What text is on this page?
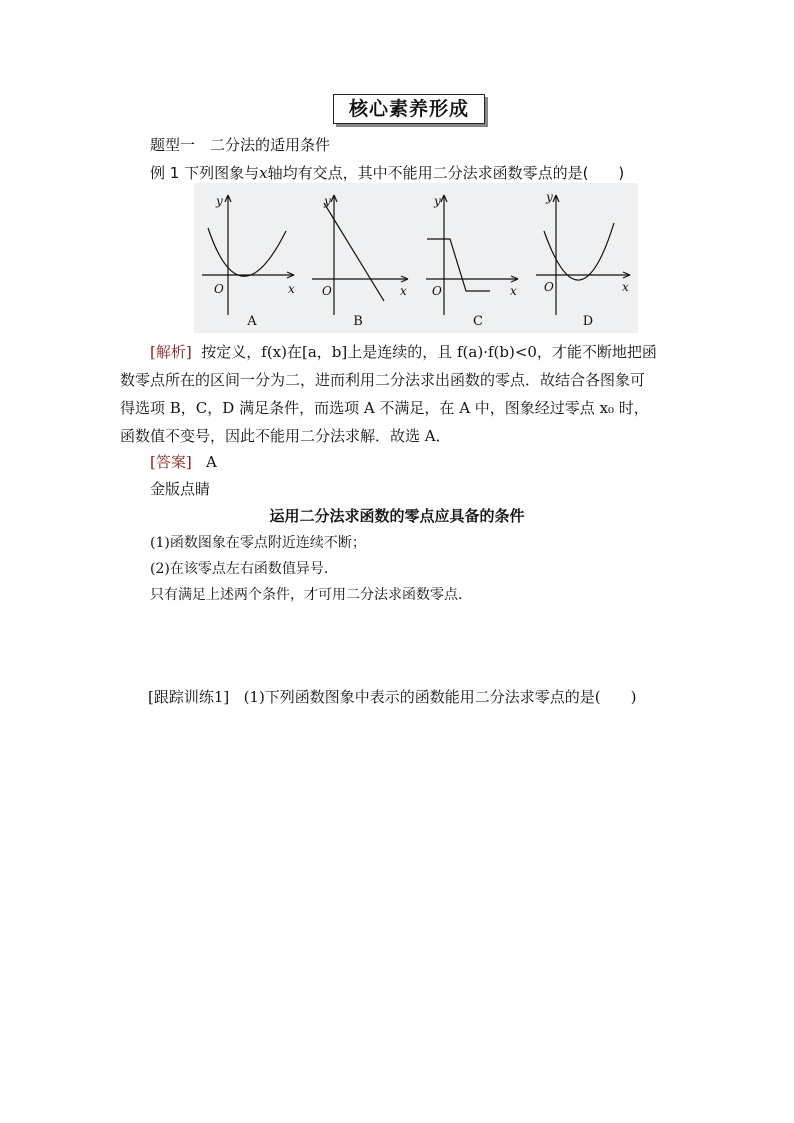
核心素养形成
题型一　二分法的适用条件
例 1 下列图象与x轴均有交点，其中不能用二分法求函数零点的是(　　)
y
x
O
y
x
O
y
x
O
y
x
O
A	B	C	D
[解析] 按定义，f(x)在[a，b]上是连续的，且 f(a)·f(b)<0，才能不断地把函
数零点所在的区间一分为二，进而利用二分法求出函数的零点．故结合各图象可
得选项 B，C，D 满足条件，而选项 A 不满足，在 A 中，图象经过零点 x₀ 时，
函数值不变号，因此不能用二分法求解．故选 A．
[答案] A
金版点睛
运用二分法求函数的零点应具备的条件
(1)函数图象在零点附近连续不断；
(2)在该零点左右函数值异号．
只有满足上述两个条件，才可用二分法求函数零点．
[跟踪训练1] (1)下列函数图象中表示的函数能用二分法求零点的是(　　)
